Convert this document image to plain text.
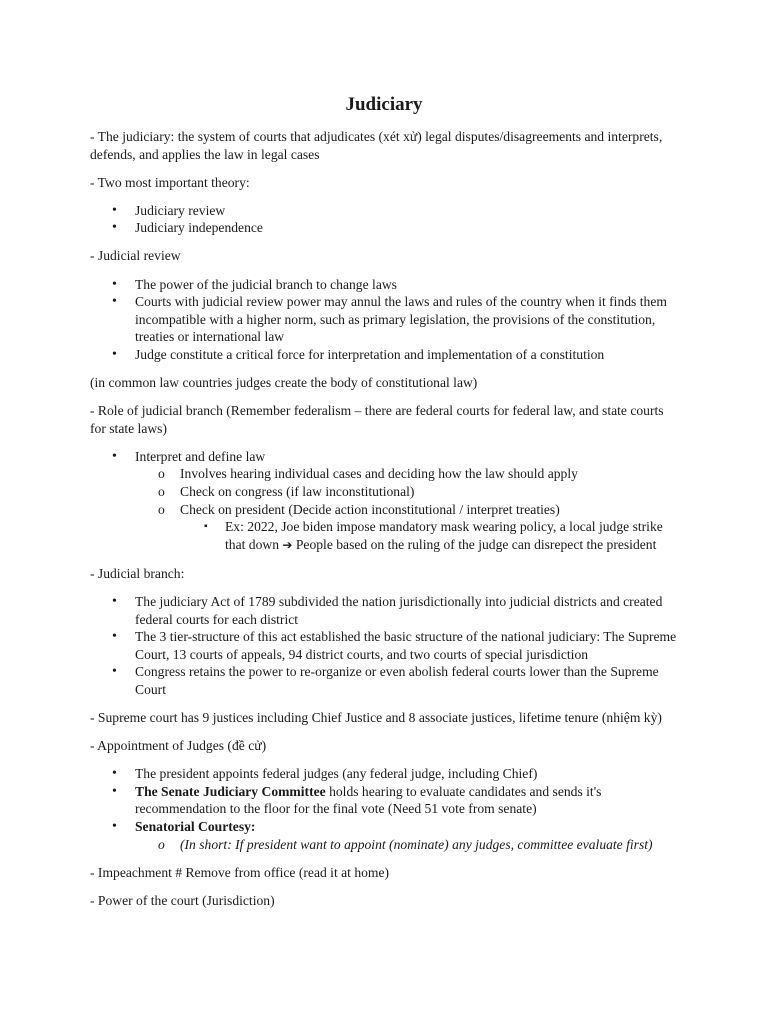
Judiciary

- The judiciary: the system of courts that adjudicates (xét xử) legal disputes/disagreements and interprets, defends, and applies the law in legal cases

- Two most important theory:

• Judiciary review
• Judiciary independence

- Judicial review

• The power of the judicial branch to change laws
• Courts with judicial review power may annul the laws and rules of the country when it finds them incompatible with a higher norm, such as primary legislation, the provisions of the constitution, treaties or international law
• Judge constitute a critical force for interpretation and implementation of a constitution

(in common law countries judges create the body of constitutional law)

- Role of judicial branch (Remember federalism – there are federal courts for federal law, and state courts for state laws)

• Interpret and define law
o Involves hearing individual cases and deciding how the law should apply
o Check on congress (if law inconstitutional)
o Check on president (Decide action inconstitutional / interpret treaties)
▪ Ex: 2022, Joe biden impose mandatory mask wearing policy, a local judge strike that down ➔ People based on the ruling of the judge can disrepect the president

- Judicial branch:

• The judiciary Act of 1789 subdivided the nation jurisdictionally into judicial districts and created federal courts for each district
• The 3 tier-structure of this act established the basic structure of the national judiciary: The Supreme Court, 13 courts of appeals, 94 district courts, and two courts of special jurisdiction
• Congress retains the power to re-organize or even abolish federal courts lower than the Supreme Court

- Supreme court has 9 justices including Chief Justice and 8 associate justices, lifetime tenure (nhiệm kỳ)

- Appointment of Judges (đề cử)

• The president appoints federal judges (any federal judge, including Chief)
• The Senate Judiciary Committee holds hearing to evaluate candidates and sends it's recommendation to the floor for the final vote (Need 51 vote from senate)
• Senatorial Courtesy:
o (In short: If president want to appoint (nominate) any judges, committee evaluate first)

- Impeachment # Remove from office (read it at home)

- Power of the court (Jurisdiction)
